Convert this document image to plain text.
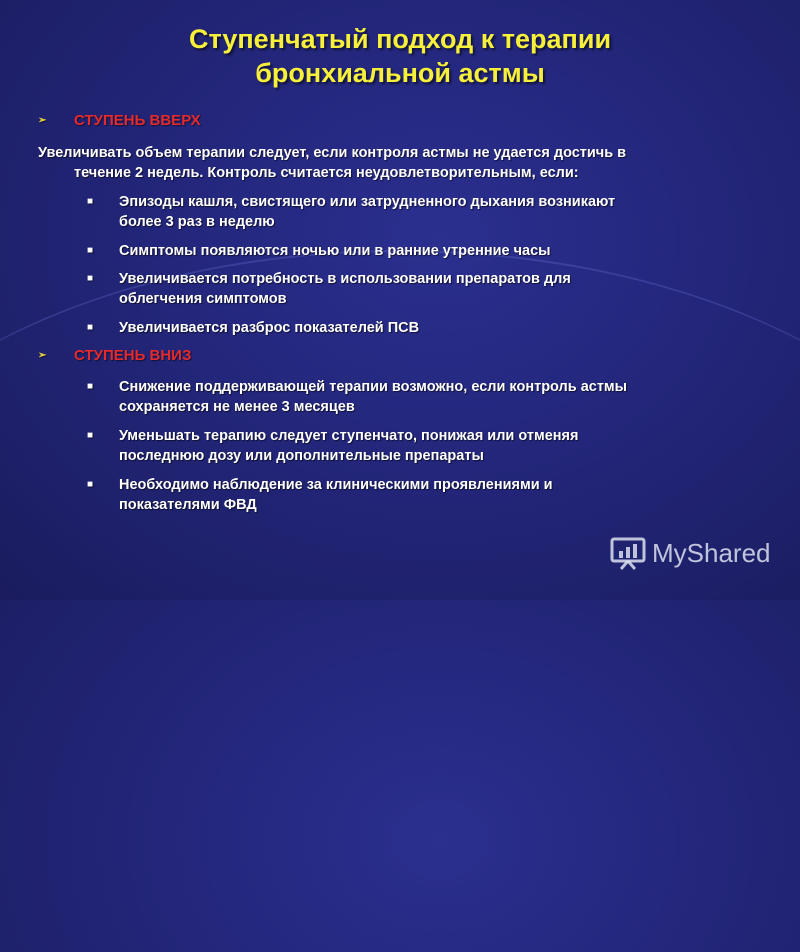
Ступенчатый подход к терапии
бронхиальной астмы
➢ СТУПЕНЬ ВВЕРХ
Увеличивать объем терапии следует, если контроля астмы не удается достичь в
течение 2 недель. Контроль считается неудовлетворительным, если:
■ Эпизоды кашля, свистящего или затрудненного дыхания возникают
более 3 раз в неделю
■ Симптомы появляются ночью или в ранние утренние часы
■ Увеличивается потребность в использовании препаратов для
облегчения симптомов
■ Увеличивается разброс показателей ПСВ
➢ СТУПЕНЬ ВНИЗ
■ Снижение поддерживающей терапии возможно, если контроль астмы
сохраняется не менее 3 месяцев
■ Уменьшать терапию следует ступенчато, понижая или отменяя
последнюю дозу или дополнительные препараты
■ Необходимо наблюдение за клиническими проявлениями и
показателями ФВД
MyShared
